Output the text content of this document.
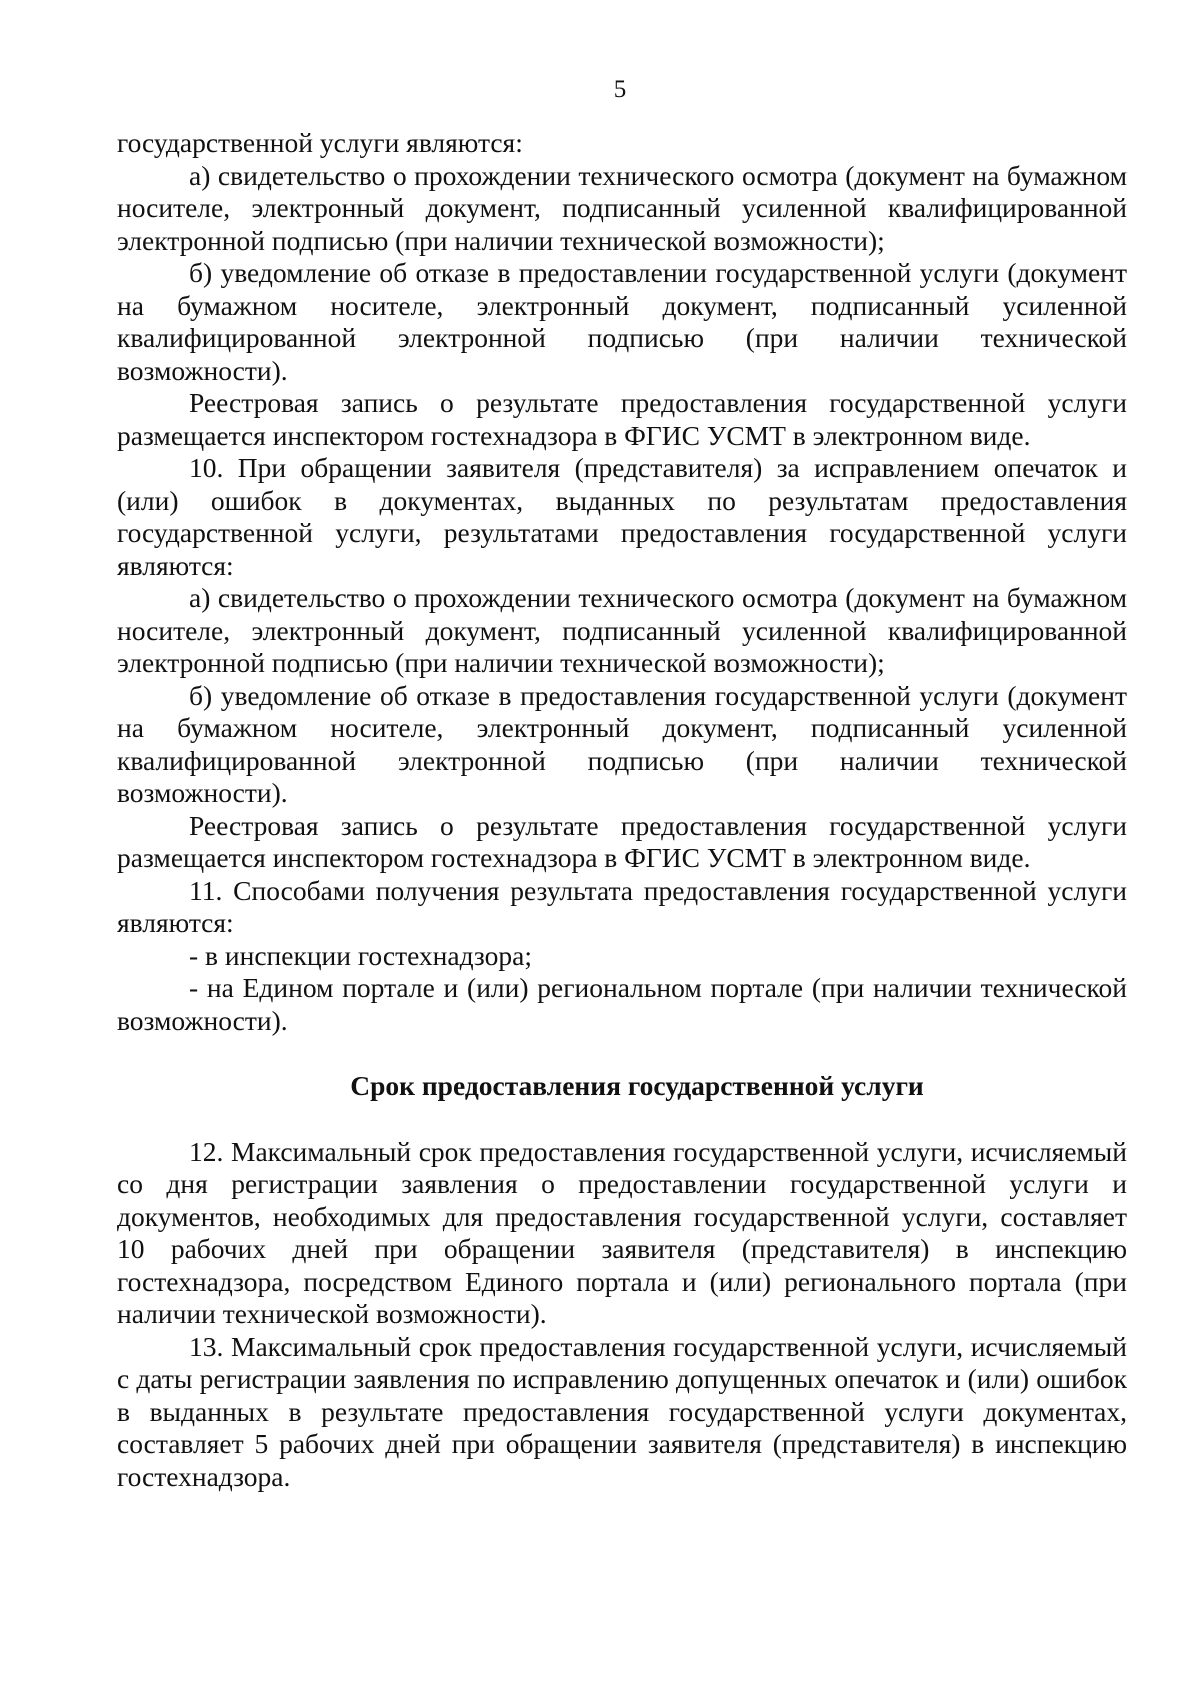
5

государственной услуги являются:

а) свидетельство о прохождении технического осмотра (документ на бумажном носителе, электронный документ, подписанный усиленной квалифицированной электронной подписью (при наличии технической возможности);

б) уведомление об отказе в предоставлении государственной услуги (документ на бумажном носителе, электронный документ, подписанный усиленной квалифицированной электронной подписью (при наличии технической возможности).

Реестровая запись о результате предоставления государственной услуги размещается инспектором гостехнадзора в ФГИС УСМТ в электронном виде.

10. При обращении заявителя (представителя) за исправлением опечаток и (или) ошибок в документах, выданных по результатам предоставления государственной услуги, результатами предоставления государственной услуги являются:

а) свидетельство о прохождении технического осмотра (документ на бумажном носителе, электронный документ, подписанный усиленной квалифицированной электронной подписью (при наличии технической возможности);

б) уведомление об отказе в предоставления государственной услуги (документ на бумажном носителе, электронный документ, подписанный усиленной квалифицированной электронной подписью (при наличии технической возможности).

Реестровая запись о результате предоставления государственной услуги размещается инспектором гостехнадзора в ФГИС УСМТ в электронном виде.

11. Способами получения результата предоставления государственной услуги являются:

- в инспекции гостехнадзора;

- на Едином портале и (или) региональном портале (при наличии технической возможности).

Срок предоставления государственной услуги

12. Максимальный срок предоставления государственной услуги, исчисляемый со дня регистрации заявления о предоставлении государственной услуги и документов, необходимых для предоставления государственной услуги, составляет 10 рабочих дней при обращении заявителя (представителя) в инспекцию гостехнадзора, посредством Единого портала и (или) регионального портала (при наличии технической возможности).

13. Максимальный срок предоставления государственной услуги, исчисляемый с даты регистрации заявления по исправлению допущенных опечаток и (или) ошибок в выданных в результате предоставления государственной услуги документах, составляет 5 рабочих дней при обращении заявителя (представителя) в инспекцию гостехнадзора.
